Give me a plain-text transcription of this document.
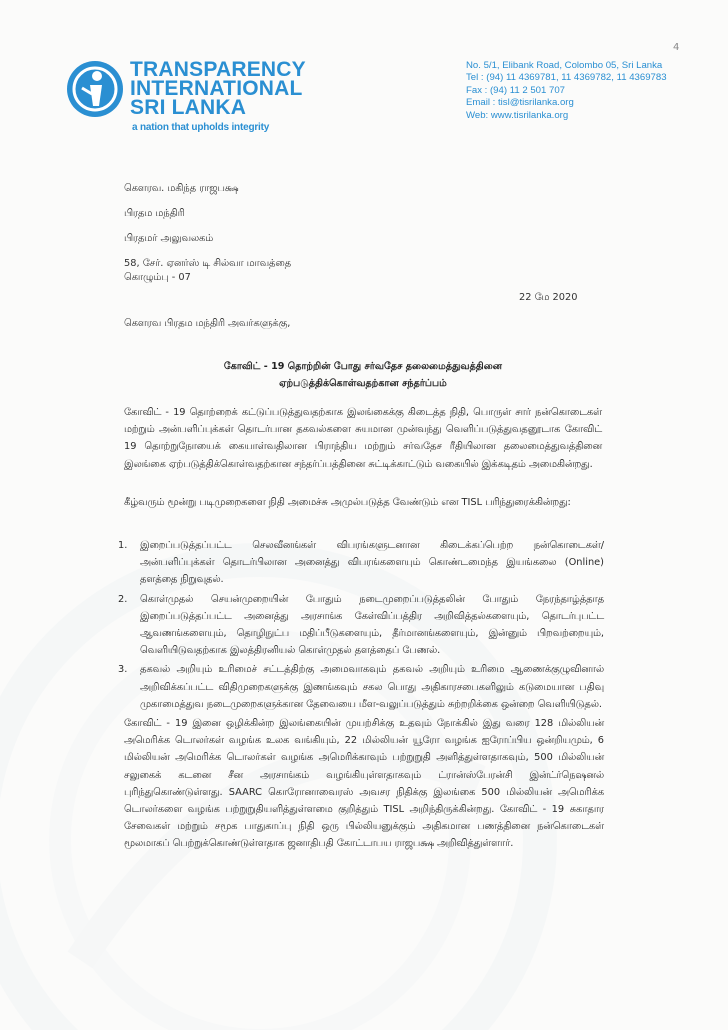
4
TRANSPARENCY
INTERNATIONAL
SRI LANKA
a nation that upholds integrity
No. 5/1, Elibank Road, Colombo 05, Sri Lanka
Tel : (94) 11 4369781, 11 4369782, 11 4369783
Fax : (94) 11 2 501 707
Email : tisl@tisrilanka.org
Web: www.tisrilanka.org
கௌரவ. மகிந்த ராஜபக்ஷ
பிரதம மந்திரி
பிரதமர் அலுவலகம்
58, சேர். ஏனர்ஸ் டி சில்வா மாவத்தை
கொழும்பு - 07
22 மே 2020
கௌரவ பிரதம மந்திரி அவர்களுக்கு,
கோவிட் - 19 தொற்றின் போது சர்வதேச தலைமைத்துவத்தினை
ஏற்படுத்திக்கொள்வதற்கான சந்தர்ப்பம்

கோவிட் - 19 தொற்றைக் கட்டுப்படுத்துவதற்காக இலங்கைக்கு கிடைத்த நிதி, பொருள் சார் நன்கொடைகள் மற்றும் அன்பளிப்புக்கள் தொடர்பான தகவல்களை சுயமான முன்வந்து வெளிப்படுத்துவதனூடாக கோவிட் 19 தொற்றுநோயைக் கையாள்வதிலான பிராந்திய மற்றும் சர்வதேச ரீதியிலான தலைமைத்துவத்தினை இலங்கை ஏற்படுத்திக்கொள்வதற்கான சந்தர்ப்பத்தினை சுட்டிக்காட்டும் வகையில் இக்கடிதம் அமைகின்றது.

கீழ்வரும் மூன்று படிமுறைகளை நிதி அமைச்சு அமுல்படுத்த வேண்டும் என TISL பரிந்துரைக்கின்றது:

1. இறைப்படுத்தப்பட்ட செலவீனங்கள் விபரங்களுடனான கிடைக்கப்பெற்ற நன்கொடைகள்/ அன்பளிப்புக்கள் தொடர்பிலான அனைத்து விபரங்களையும் கொண்டமைந்த இயங்கலை (Online) தளத்தை நிறுவுதல்.
2. கொள்முதல் செயன்முறையின் போதும் நடைமுறைப்படுத்தலின் போதும் நேரந்தாழ்த்தாத இறைப்படுத்தப்பட்ட அனைத்து அரசாங்க கேள்விப்பத்திர அறிவித்தல்களையும், தொடர்புபட்ட ஆவணங்களையும், தொழிநுட்ப மதிப்பீடுகளையும், தீர்மானங்களையும், இன்னும் பிறவற்றையும், வெளியிடுவதற்காக இலத்திரனியல் கொள்முதல் தளத்தைப் பேணல்.
3. தகவல் அறியும் உரிமைச் சட்டத்திற்கு அமைவாகவும் தகவல் அறியும் உரிமை ஆணைக்குழுவினால் அறிவிக்கப்பட்ட விதிமுறைகளுக்கு இணங்கவும் சகல பொது அதிகாரசபைகளிலும் கடுமையான பதிவு முகாமைத்துவ நடைமுறைகளுக்கான தேவையை மீள-வலுப்படுத்தும் சுற்றறிக்கை ஒன்றை வெளியிடுதல்.

கோவிட் - 19 இனை ஒழிக்கின்ற இலங்கையின் முயற்சிக்கு உதவும் நோக்கில் இது வரை 128 மில்லியன் அமெரிக்க டொலர்கள் வழங்க உலக வங்கியும், 22 மில்லியன் யூரோ வழங்க ஐரோப்பிய ஒன்றியமும், 6 மில்லியன் அமெரிக்க டொலர்கள் வழங்க அமெரிக்காவும் பற்றுறுதி அளித்துள்ளதாகவும், 500 மில்லியன் சலுகைக் கடனை சீன அரசாங்கம் வழங்கியுள்ளதாகவும் ட்ரான்ஸ்பேரன்சி இன்ட்ர்நெஷனல் புரிந்துகொண்டுள்ளது. SAARC கொரோனாவைரஸ் அவசர நிதிக்கு இலங்கை 500 மில்லியன் அமெரிக்க டொலர்களை வழங்க பற்றுறுதியளித்துள்ளமை குறித்தும் TISL அறிந்திருக்கின்றது. கோவிட் - 19 சுகாதார சேவைகள் மற்றும் சமூக பாதுகாப்பு நிதி ஒரு பில்லியனுக்கும் அதிகமான பணத்தினை நன்கொடைகள் மூலமாகப் பெற்றுக்கொண்டுள்ளதாக ஜனாதிபதி கோட்டாபய ராஜபக்ஷ அறிவித்துள்ளார்.
